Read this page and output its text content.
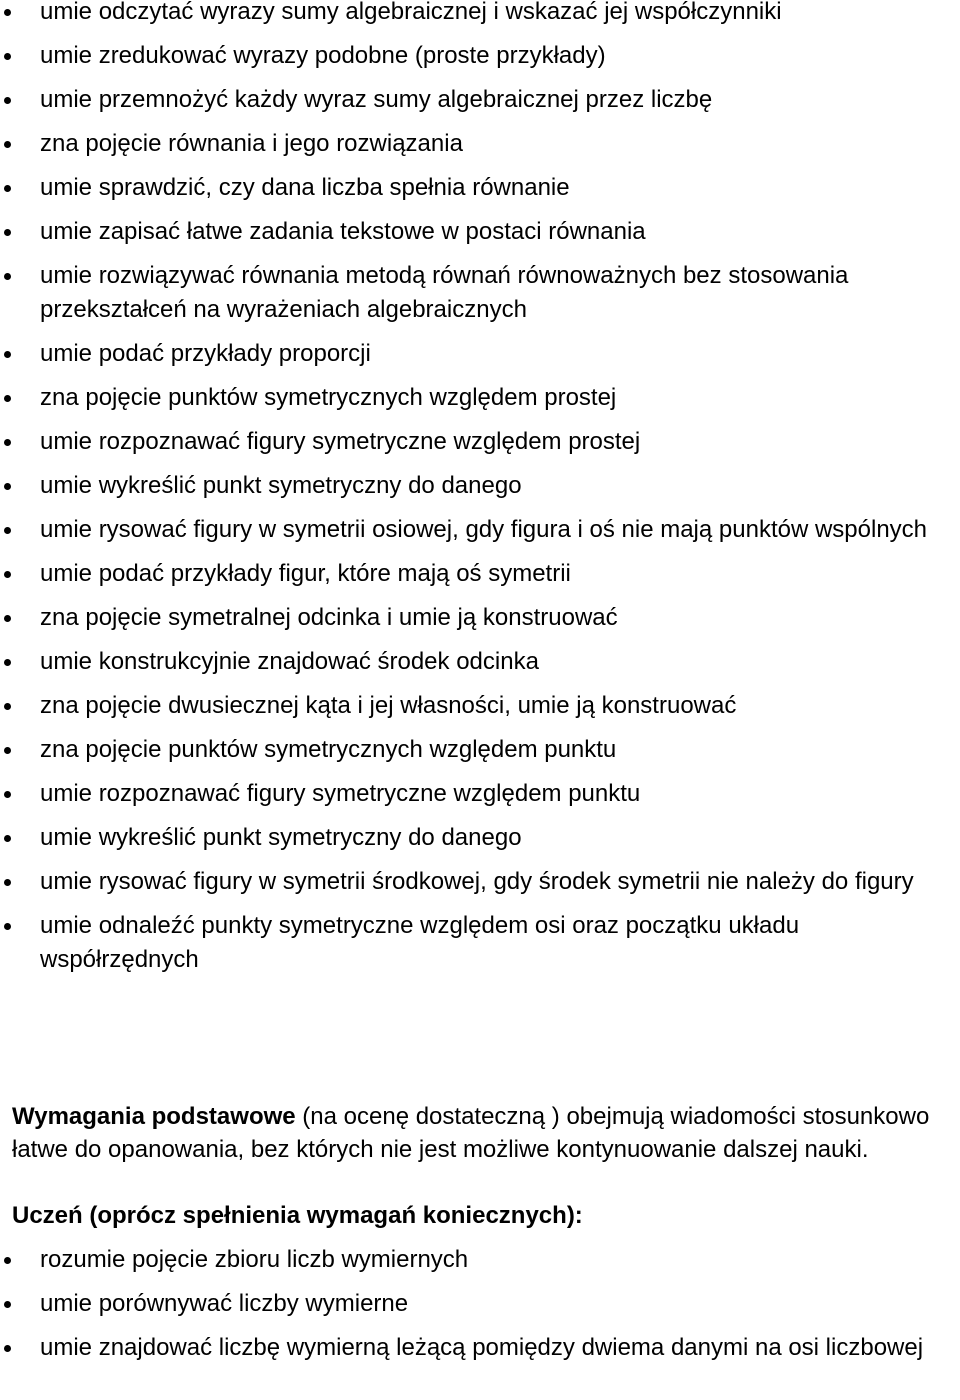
umie odczytać wyrazy sumy algebraicznej i wskazać jej współczynniki
umie zredukować wyrazy podobne (proste przykłady)
umie przemnożyć każdy wyraz sumy algebraicznej przez liczbę
zna pojęcie równania i jego rozwiązania
umie sprawdzić, czy dana liczba spełnia równanie
umie zapisać łatwe zadania tekstowe w postaci równania
umie rozwiązywać równania metodą równań równoważnych bez stosowania przekształceń na wyrażeniach algebraicznych
umie podać przykłady proporcji
zna pojęcie punktów symetrycznych względem prostej
umie rozpoznawać figury symetryczne względem prostej
umie wykreślić punkt symetryczny do danego
umie rysować figury w symetrii osiowej, gdy figura i oś nie mają punktów wspólnych
umie podać przykłady figur, które mają oś symetrii
zna pojęcie symetralnej odcinka i umie ją konstruować
umie konstrukcyjnie znajdować środek odcinka
zna pojęcie dwusiecznej kąta i jej własności, umie ją konstruować
zna pojęcie punktów symetrycznych względem punktu
umie rozpoznawać figury symetryczne względem punktu
umie wykreślić punkt symetryczny do danego
umie rysować figury w symetrii środkowej, gdy środek symetrii nie należy do figury
umie odnaleźć punkty symetryczne względem osi oraz początku układu współrzędnych

Wymagania podstawowe (na ocenę dostateczną ) obejmują wiadomości stosunkowo łatwe do opanowania, bez których nie jest możliwe kontynuowanie dalszej nauki.

Uczeń (oprócz spełnienia wymagań koniecznych):

rozumie pojęcie zbioru liczb wymiernych
umie porównywać liczby wymierne
umie znajdować liczbę wymierną leżącą pomiędzy dwiema danymi na osi liczbowej
